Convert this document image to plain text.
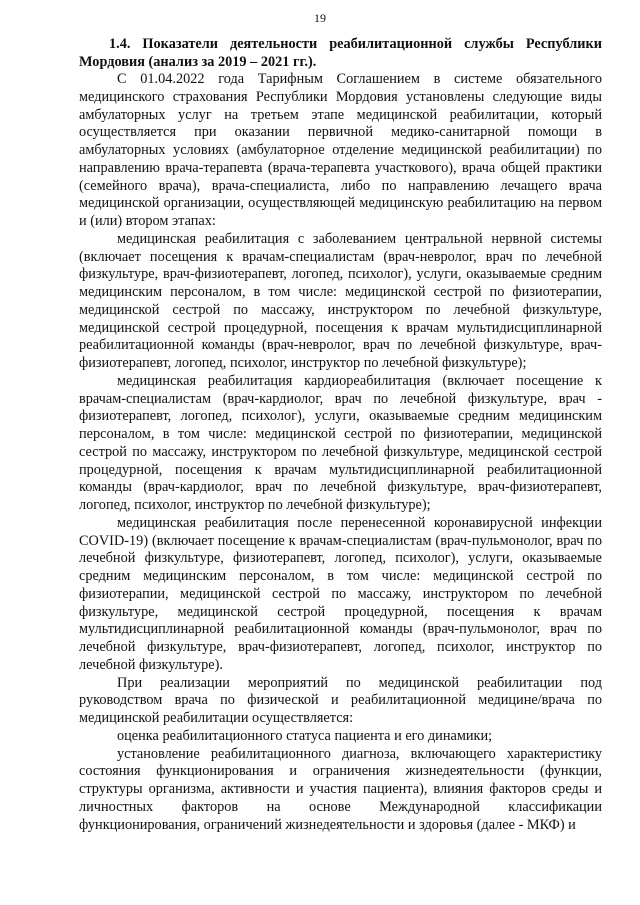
19

1.4. Показатели деятельности реабилитационной службы Республики Мордовия (анализ за 2019 – 2021 гг.).

С 01.04.2022 года Тарифным Соглашением в системе обязательного медицинского страхования Республики Мордовия установлены следующие виды амбулаторных услуг на третьем этапе медицинской реабилитации, который осуществляется при оказании первичной медико-санитарной помощи в амбулаторных условиях (амбулаторное отделение медицинской реабилитации) по направлению врача-терапевта (врача-терапевта участкового), врача общей практики (семейного врача), врача-специалиста, либо по направлению лечащего врача медицинской организации, осуществляющей медицинскую реабилитацию на первом и (или) втором этапах:

медицинская реабилитация с заболеванием центральной нервной системы (включает посещения к врачам-специалистам (врач-невролог, врач по лечебной физкультуре, врач-физиотерапевт, логопед, психолог), услуги, оказываемые средним медицинским персоналом, в том числе: медицинской сестрой по физиотерапии, медицинской сестрой по массажу, инструктором по лечебной физкультуре, медицинской сестрой процедурной, посещения к врачам мультидисциплинарной реабилитационной команды (врач-невролог, врач по лечебной физкультуре, врач-физиотерапевт, логопед, психолог, инструктор по лечебной физкультуре);

медицинская реабилитация кардиореабилитация (включает посещение к врачам-специалистам (врач-кардиолог, врач по лечебной физкультуре, врач - физиотерапевт, логопед, психолог), услуги, оказываемые средним медицинским персоналом, в том числе: медицинской сестрой по физиотерапии, медицинской сестрой по массажу, инструктором по лечебной физкультуре, медицинской сестрой процедурной, посещения к врачам мультидисциплинарной реабилитационной команды (врач-кардиолог, врач по лечебной физкультуре, врач-физиотерапевт, логопед, психолог, инструктор по лечебной физкультуре);

медицинская реабилитация после перенесенной коронавирусной инфекции COVID-19) (включает посещение к врачам-специалистам (врач-пульмонолог, врач по лечебной физкультуре, физиотерапевт, логопед, психолог), услуги, оказываемые средним медицинским персоналом, в том числе: медицинской сестрой по физиотерапии, медицинской сестрой по массажу, инструктором по лечебной физкультуре, медицинской сестрой процедурной, посещения к врачам мультидисциплинарной реабилитационной команды (врач-пульмонолог, врач по лечебной физкультуре, врач-физиотерапевт, логопед, психолог, инструктор по лечебной физкультуре).

При реализации мероприятий по медицинской реабилитации под руководством врача по физической и реабилитационной медицине/врача по медицинской реабилитации осуществляется:

оценка реабилитационного статуса пациента и его динамики;

установление реабилитационного диагноза, включающего характеристику состояния функционирования и ограничения жизнедеятельности (функции, структуры организма, активности и участия пациента), влияния факторов среды и личностных факторов на основе Международной классификации функционирования, ограничений жизнедеятельности и здоровья (далее - МКФ) и
